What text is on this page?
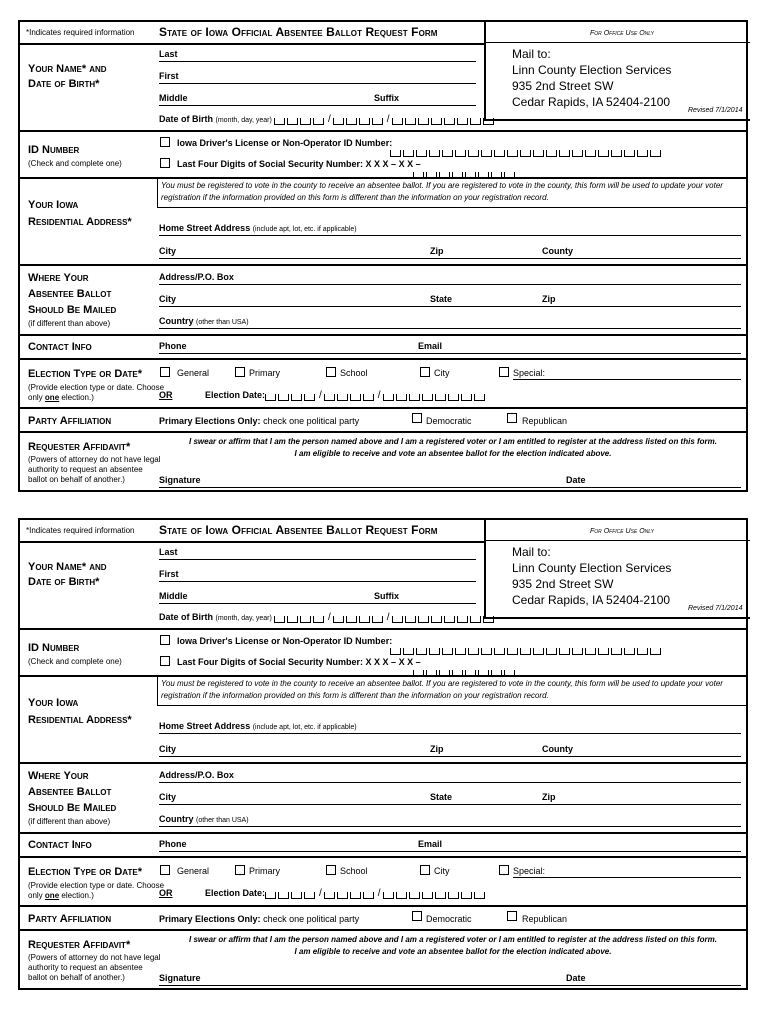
*Indicates required information State of Iowa Official Absentee Ballot Request Form	For Office Use Only
Mail to:
Linn County Election Services
935 2nd Street SW
Cedar Rapids, IA 52404-2100
Revised 7/1/2014
Your Name* and
Date of Birth*
Last
First
Middle	Suffix
Date of Birth (month, day, year)	/	/
ID Number
(Check and complete one)
Iowa Driver's License or Non-Operator ID Number:
Last Four Digits of Social Security Number: X X X – X X –
Your Iowa
Residential Address*
You must be registered to vote in the county to receive an absentee ballot. If you are registered to vote in the county, this form will be used to update your voter registration if the information provided on this form is different than the information on your registration record.
Home Street Address (include apt, lot, etc. if applicable)
City	Zip	County
Where Your
Absentee Ballot
Should Be Mailed
(if different than above)
Address/P.O. Box
City	State	Zip
Country (other than USA)
Contact Info	Phone	Email
Election Type or Date*
(Provide election type or date. Choose
only one election.)
General	Primary	School	City	Special:
OR	Election Date:	/	/
Party Affiliation	Primary Elections Only: check one political party	Democratic	Republican
Requester Affidavit*
(Powers of attorney do not have legal
authority to request an absentee
ballot on behalf of another.)
I swear or affirm that I am the person named above and I am a registered voter or I am entitled to register at the address listed on this form.
I am eligible to receive and vote an absentee ballot for the election indicated above.
Signature	Date
*Indicates required information State of Iowa Official Absentee Ballot Request Form	For Office Use Only
Mail to:
Linn County Election Services
935 2nd Street SW
Cedar Rapids, IA 52404-2100
Revised 7/1/2014
Your Name* and
Date of Birth*
Last
First
Middle	Suffix
Date of Birth (month, day, year)	/	/
ID Number
(Check and complete one)
Iowa Driver's License or Non-Operator ID Number:
Last Four Digits of Social Security Number: X X X – X X –
Your Iowa
Residential Address*
You must be registered to vote in the county to receive an absentee ballot. If you are registered to vote in the county, this form will be used to update your voter registration if the information provided on this form is different than the information on your registration record.
Home Street Address (include apt, lot, etc. if applicable)
City	Zip	County
Where Your
Absentee Ballot
Should Be Mailed
(if different than above)
Address/P.O. Box
City	State	Zip
Country (other than USA)
Contact Info	Phone	Email
Election Type or Date*
(Provide election type or date. Choose
only one election.)
General	Primary	School	City	Special:
OR	Election Date:	/	/
Party Affiliation	Primary Elections Only: check one political party	Democratic	Republican
Requester Affidavit*
(Powers of attorney do not have legal
authority to request an absentee
ballot on behalf of another.)
I swear or affirm that I am the person named above and I am a registered voter or I am entitled to register at the address listed on this form.
I am eligible to receive and vote an absentee ballot for the election indicated above.
Signature	Date
